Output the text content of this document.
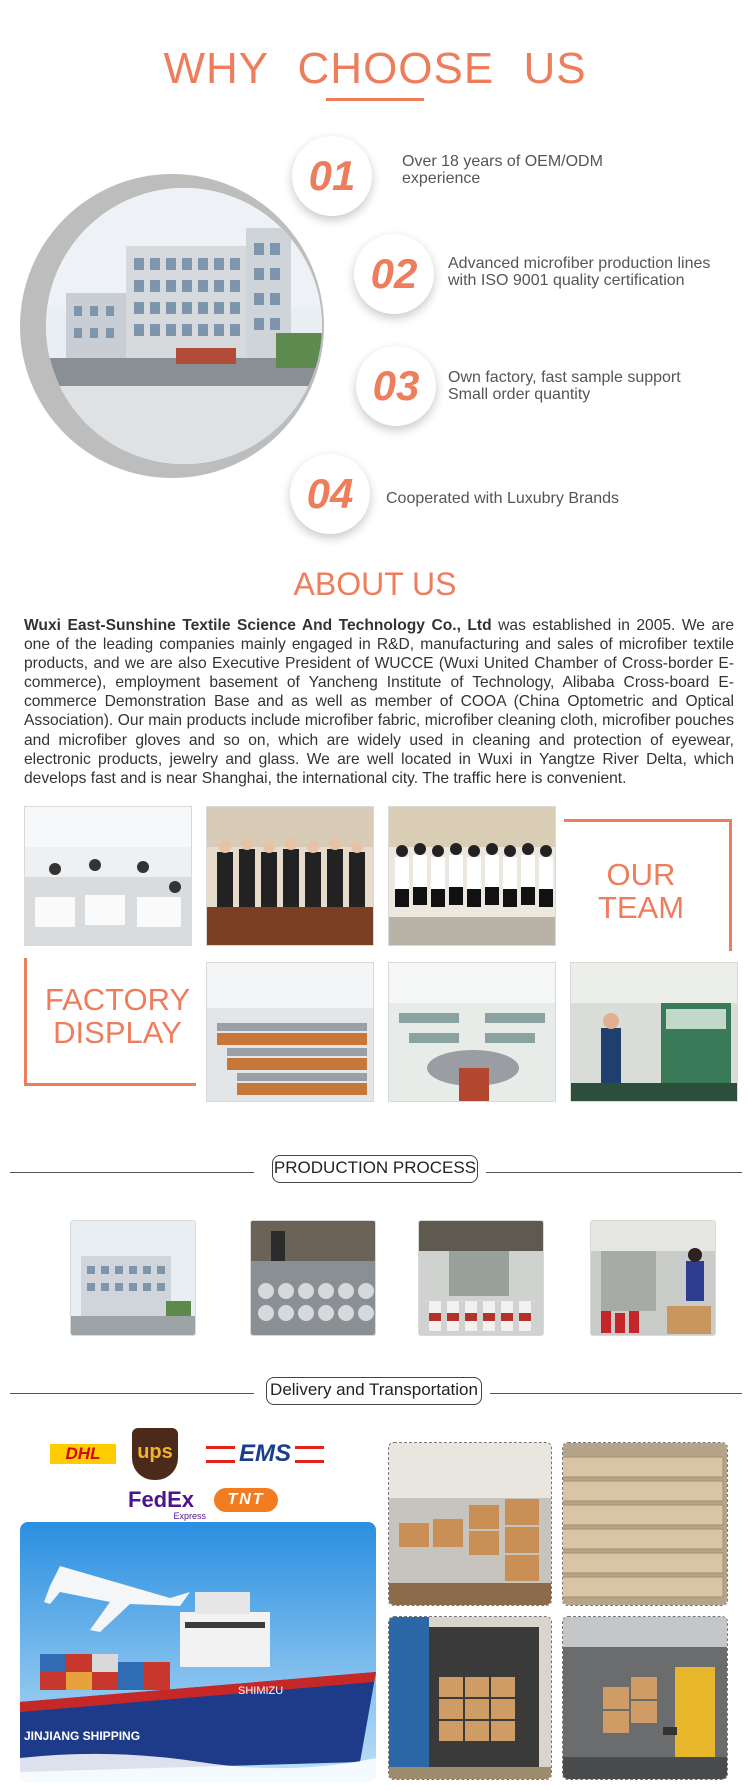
WHY CHOOSE US
01	Over 18 years of OEM/ODM
experience
02	Advanced microfiber production lines
with ISO 9001 quality certification
03	Own factory, fast sample support
Small order quantity
04	Cooperated with Luxubry Brands
ABOUT US
Wuxi East-Sunshine Textile Science And Technology Co., Ltd was established in 2005. We are one of the leading companies mainly engaged in R&D, manufacturing and sales of microfiber textile products, and we are also Executive President of WUCCE (Wuxi United Chamber of Cross-border E-commerce), employment basement of Yancheng Institute of Technology, Alibaba Cross-board E-commerce Demonstration Base and as well as member of COOA (China Optometric and Optical Association). Our main products include microfiber fabric, microfiber cleaning cloth, microfiber pouches and microfiber gloves and so on, which are widely used in cleaning and protection of eyewear, electronic products, jewelry and glass. We are well located in Wuxi in Yangtze River Delta, which develops fast and is near Shanghai, the international city. The traffic here is convenient.
OUR
TEAM
FACTORY
DISPLAY
PRODUCTION PROCESS
Delivery and Transportation
DHL	ups	EMS
FedEx
Express
TNT
SHIMIZU
JINJIANG SHIPPING
